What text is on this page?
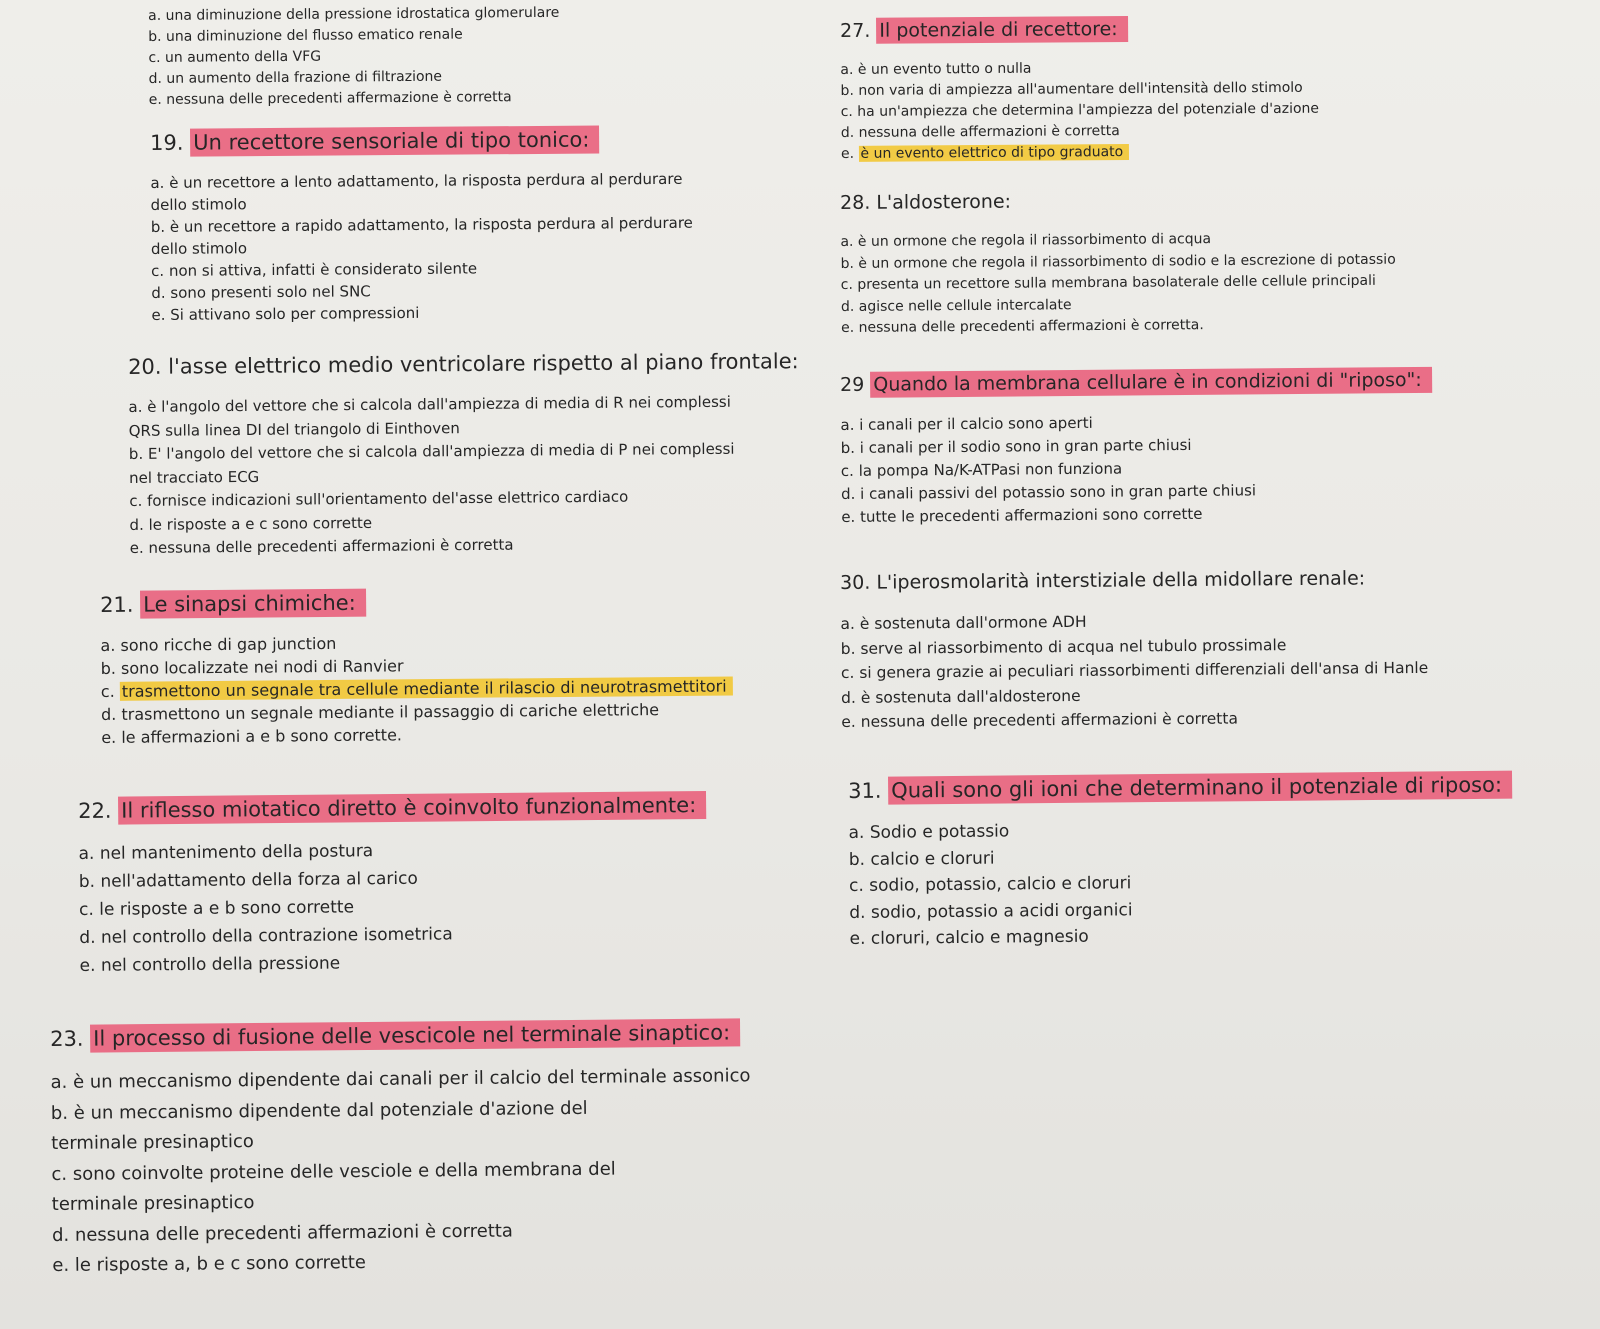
a. una diminuzione della pressione idrostatica glomerulare
b. una diminuzione del flusso ematico renale
c. un aumento della VFG
d. un aumento della frazione di filtrazione
e. nessuna delle precedenti affermazione è corretta
19. Un recettore sensoriale di tipo tonico:
a. è un recettore a lento adattamento, la risposta perdura al perdurare
dello stimolo
b. è un recettore a rapido adattamento, la risposta perdura al perdurare
dello stimolo
c. non si attiva, infatti è considerato silente
d. sono presenti solo nel SNC
e. Si attivano solo per compressioni
20. l'asse elettrico medio ventricolare rispetto al piano frontale:
a. è l'angolo del vettore che si calcola dall'ampiezza di media di R nei complessi
QRS sulla linea DI del triangolo di Einthoven
b. E' l'angolo del vettore che si calcola dall'ampiezza di media di P nei complessi
nel tracciato ECG
c. fornisce indicazioni sull'orientamento del'asse elettrico cardiaco
d. le risposte a e c sono corrette
e. nessuna delle precedenti affermazioni è corretta
21. Le sinapsi chimiche:
a. sono ricche di gap junction
b. sono localizzate nei nodi di Ranvier
c. trasmettono un segnale tra cellule mediante il rilascio di neurotrasmettitori
d. trasmettono un segnale mediante il passaggio di cariche elettriche
e. le affermazioni a e b sono corrette.
22. Il riflesso miotatico diretto è coinvolto funzionalmente:
a. nel mantenimento della postura
b. nell'adattamento della forza al carico
c. le risposte a e b sono corrette
d. nel controllo della contrazione isometrica
e. nel controllo della pressione
23. Il processo di fusione delle vescicole nel terminale sinaptico:
a. è un meccanismo dipendente dai canali per il calcio del terminale assonico
b. è un meccanismo dipendente dal potenziale d'azione del
terminale presinaptico
c. sono coinvolte proteine delle vesciole e della membrana del
terminale presinaptico
d. nessuna delle precedenti affermazioni è corretta
e. le risposte a, b e c sono corrette
27. Il potenziale di recettore:
a. è un evento tutto o nulla
b. non varia di ampiezza all'aumentare dell'intensità dello stimolo
c. ha un'ampiezza che determina l'ampiezza del potenziale d'azione
d. nessuna delle affermazioni è corretta
e. è un evento elettrico di tipo graduato
28. L'aldosterone:
a. è un ormone che regola il riassorbimento di acqua
b. è un ormone che regola il riassorbimento di sodio e la escrezione di potassio
c. presenta un recettore sulla membrana basolaterale delle cellule principali
d. agisce nelle cellule intercalate
e. nessuna delle precedenti affermazioni è corretta.
29 Quando la membrana cellulare è in condizioni di "riposo":
a. i canali per il calcio sono aperti
b. i canali per il sodio sono in gran parte chiusi
c. la pompa Na/K-ATPasi non funziona
d. i canali passivi del potassio sono in gran parte chiusi
e. tutte le precedenti affermazioni sono corrette
30. L'iperosmolarità interstiziale della midollare renale:
a. è sostenuta dall'ormone ADH
b. serve al riassorbimento di acqua nel tubulo prossimale
c. si genera grazie ai peculiari riassorbimenti differenziali dell'ansa di Hanle
d. è sostenuta dall'aldosterone
e. nessuna delle precedenti affermazioni è corretta
31. Quali sono gli ioni che determinano il potenziale di riposo:
a. Sodio e potassio
b. calcio e cloruri
c. sodio, potassio, calcio e cloruri
d. sodio, potassio a acidi organici
e. cloruri, calcio e magnesio
